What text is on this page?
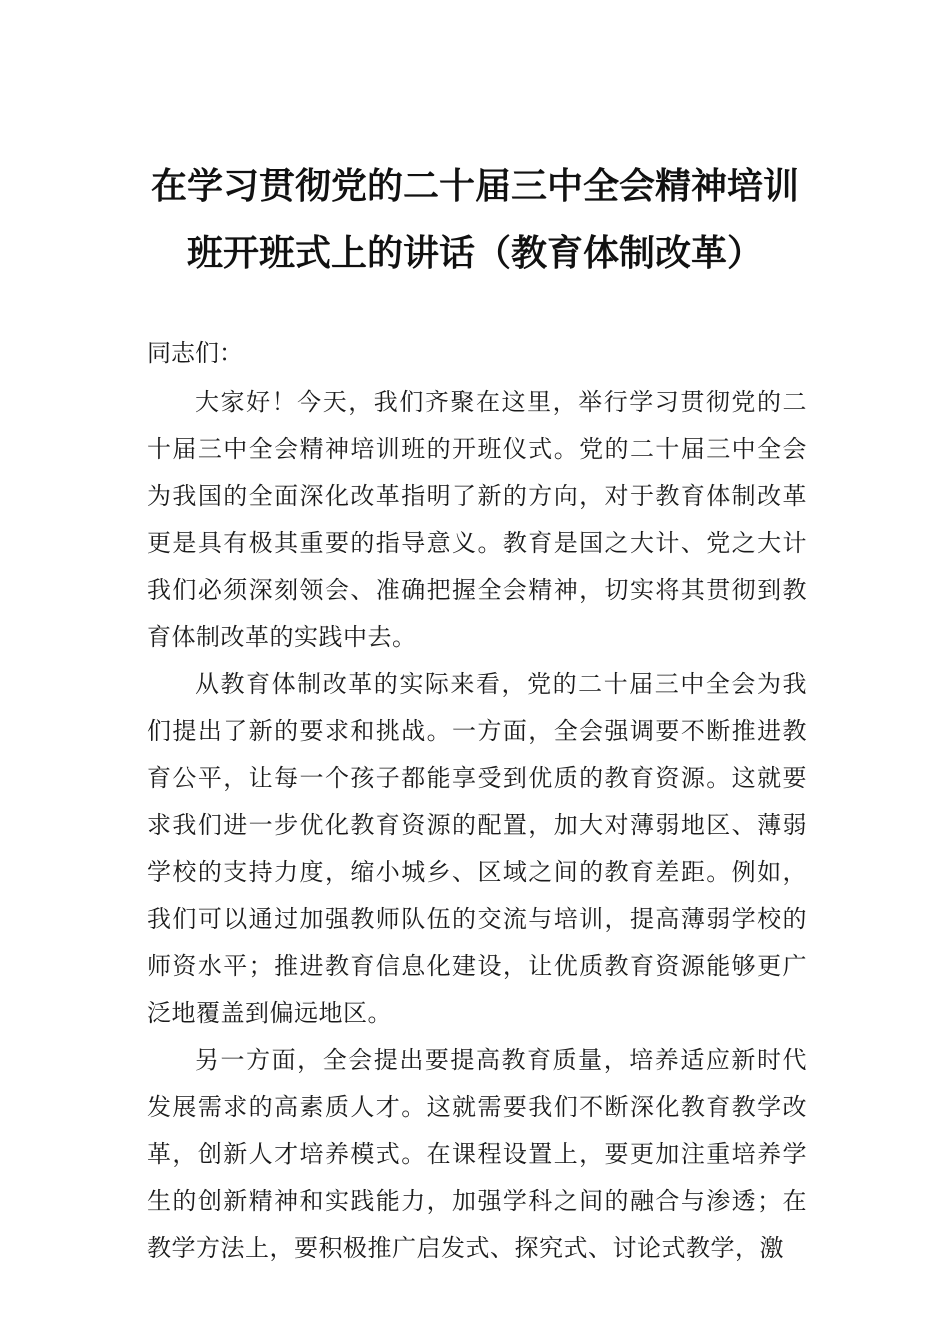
在学习贯彻党的二十届三中全会精神培训
班开班式上的讲话（教育体制改革）
同志们：

大家好！今天，我们齐聚在这里，举行学习贯彻党的二十届三中全会精神培训班的开班仪式。党的二十届三中全会为我国的全面深化改革指明了新的方向，对于教育体制改革更是具有极其重要的指导意义。教育是国之大计、党之大计我们必须深刻领会、准确把握全会精神，切实将其贯彻到教育体制改革的实践中去。

从教育体制改革的实际来看，党的二十届三中全会为我们提出了新的要求和挑战。一方面，全会强调要不断推进教育公平，让每一个孩子都能享受到优质的教育资源。这就要求我们进一步优化教育资源的配置，加大对薄弱地区、薄弱学校的支持力度，缩小城乡、区域之间的教育差距。例如，我们可以通过加强教师队伍的交流与培训，提高薄弱学校的师资水平；推进教育信息化建设，让优质教育资源能够更广泛地覆盖到偏远地区。

另一方面，全会提出要提高教育质量，培养适应新时代发展需求的高素质人才。这就需要我们不断深化教育教学改革，创新人才培养模式。在课程设置上，要更加注重培养学生的创新精神和实践能力，加强学科之间的融合与渗透；在教学方法上，要积极推广启发式、探究式、讨论式教学，激
